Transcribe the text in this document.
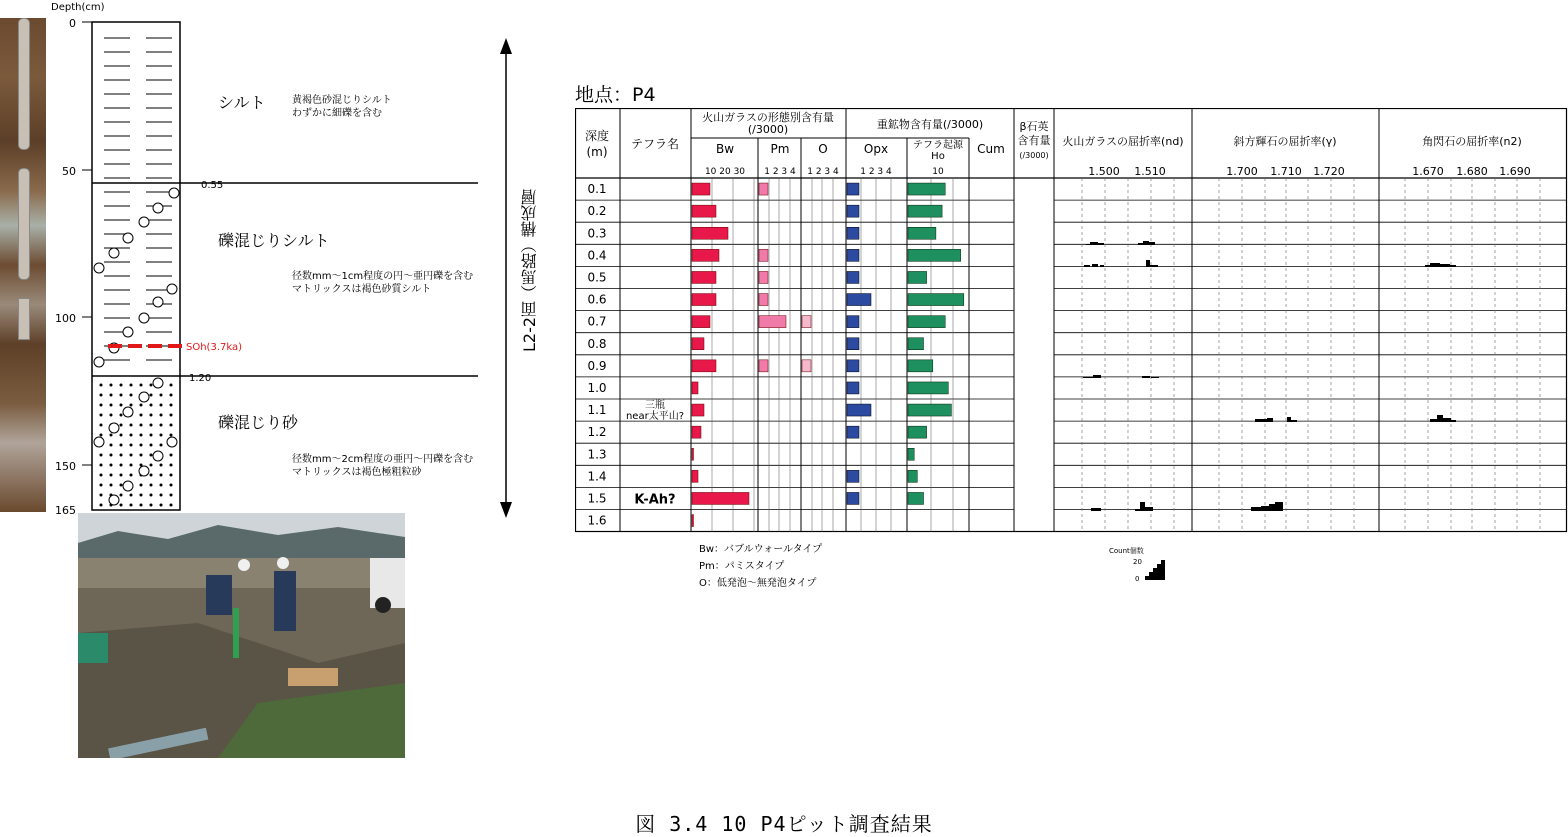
Depth(cm)
0.55
1.20
0
50
100
150
165
SOh(3.7ka)
シルト	黄褐色砂混じりシルト
わずかに細礫を含む
礫混じりシルト
径数mm～1cm程度の円～亜円礫を含む
マトリックスは褐色砂質シルト
礫混じり砂
径数mm～2cm程度の亜円～円礫を含む
マトリックスは褐色極粗粒砂
L2-2面（馬路）構成層
地点：P4
深度
(m)
テフラ名
火山ガラスの形態別含有量
(/3000)
Bw	Pm O
10 20 30 1 2 3 4 1 2 3 4
重鉱物含有量(/3000)
Opx
1 2 3 4
テフラ起源
Ho
10
Cum
β石英
含有量
(/3000)
火山ガラスの屈折率(nd)
1.500 1.510
斜方輝石の屈折率(γ)
1.700 1.710 1.720
角閃石の屈折率(n2)
1.670 1.680 1.690
0.1
0.2
0.3
0.4
0.5
0.6
0.7
0.8
0.9
1.0
1.1	三瓶
near太平山?
1.2
1.3
1.4
1.5 K-Ah?
1.6
Bw：バブルウォールタイプ
Pm：パミスタイプ
O：低発泡～無発泡タイプ
Count個数
20
0
図 3.4 10 P4ピット調査結果
